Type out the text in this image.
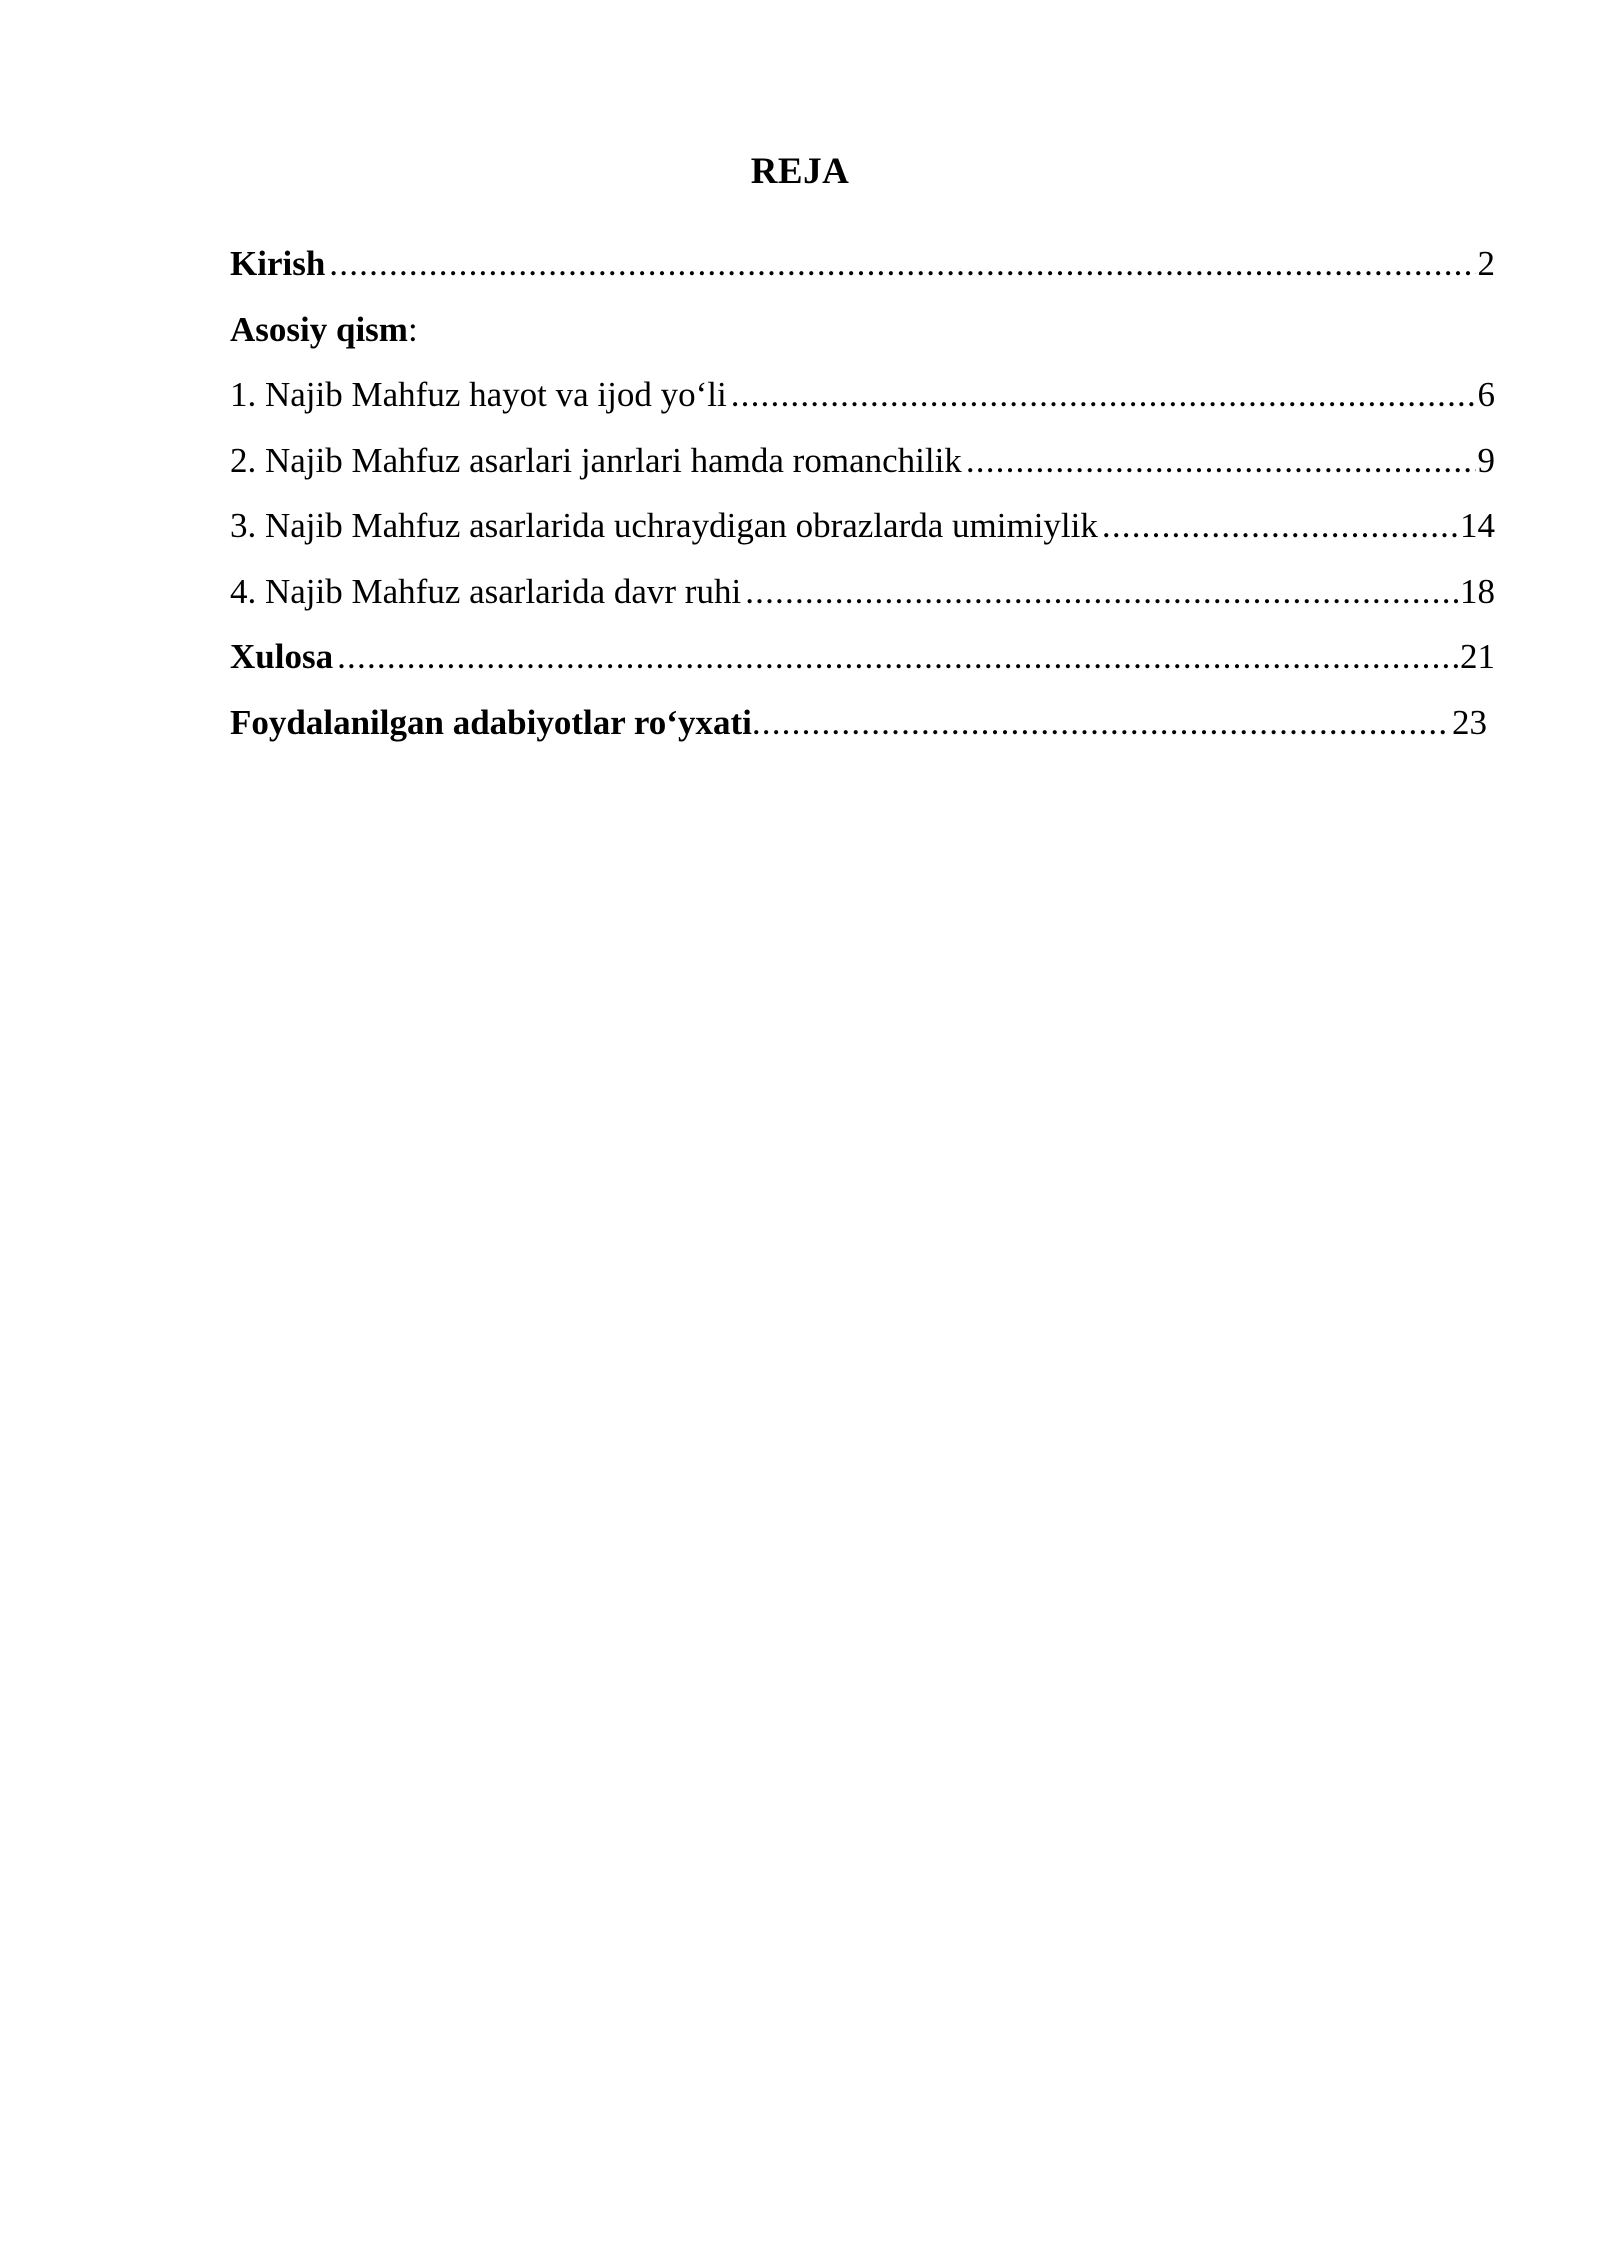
REJA
Kirish .....	2
Asosiy qism :
1. Najib Mahfuz hayot va ijod yo‘li .....	6
2. Najib Mahfuz asarlari janrlari hamda romanchilik .....	9
3. Najib Mahfuz asarlarida uchraydigan obrazlarda umimiylik .....	14
4. Najib Mahfuz asarlarida davr ruhi .....	18
Xulosa .....	21
Foydalanilgan adabiyotlar ro‘yxati .....	23
